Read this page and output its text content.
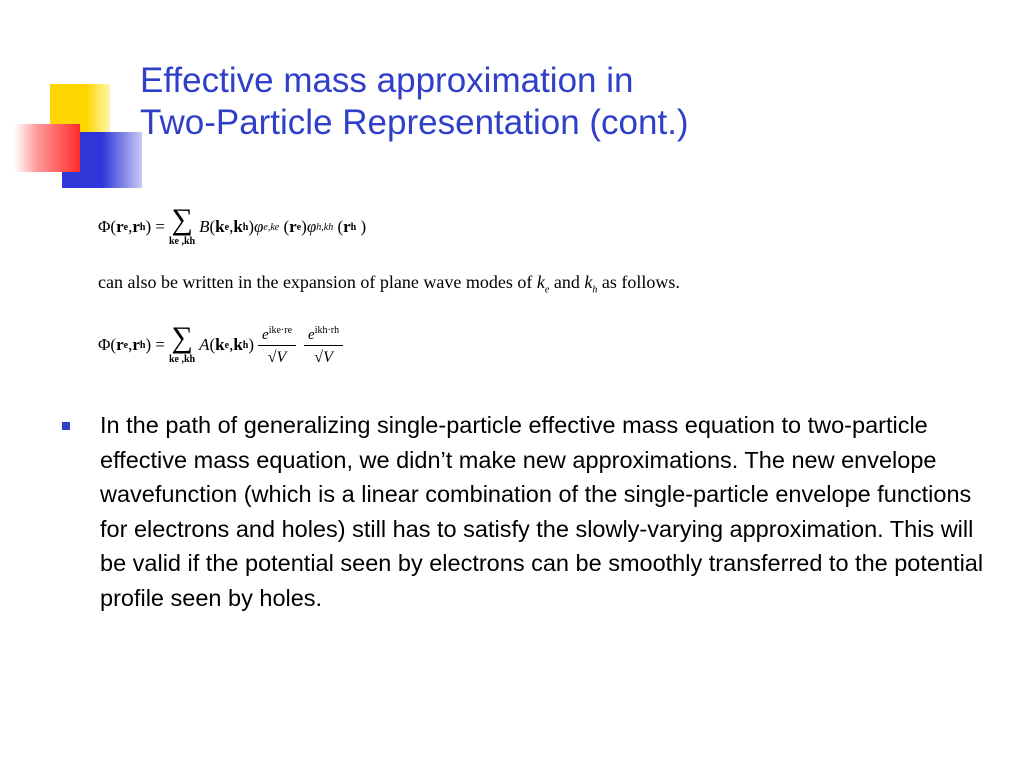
Effective mass approximation in
Two-Particle Representation (cont.)
Φ( r e , r h ) = ∑
ke ,kh
B ( k e , k h ) φ e,ke ( r e ) φ h,kh ( r h )
can also be written in the expansion of plane wave modes of $k_e$ and $k_h$ as follows.
Φ( r e , r h ) = ∑
ke ,kh
A ( k e , k h ) $\frac{e^{ike\cdot re}}{√V} \frac{e^{ikh\cdot rh}}{√V}$
In the path of generalizing single-particle effective mass equation to two-particle effective mass equation, we didn’t make new approximations. The new envelope wavefunction (which is a linear combination of the single-particle envelope functions for electrons and holes) still has to satisfy the slowly-varying approximation. This will be valid if the potential seen by electrons can be smoothly transferred to the potential profile seen by holes.
